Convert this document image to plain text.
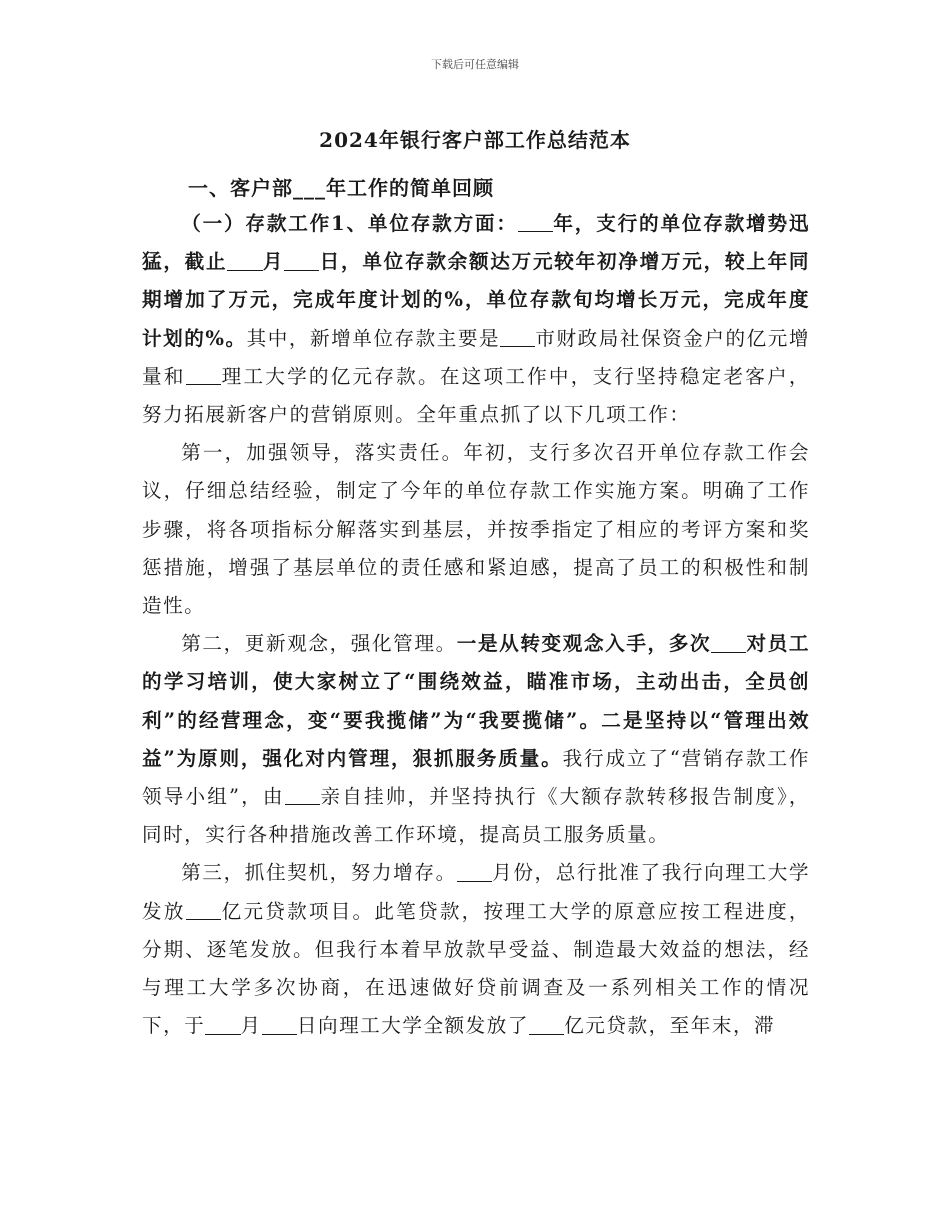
下载后可任意编辑
2024年银行客户部工作总结范本
一、客户部___年工作的简单回顾

（一）存款工作1、单位存款方面： 年，支行的单位存款增势迅猛，截止 月 日，单位存款余额达万元较年初净增万元，较上年同期增加了万元，完成年度计划的%，单位存款旬均增长万元，完成年度计划的%。其中，新增单位存款主要是 市财政局社保资金户的亿元增量和 理工大学的亿元存款。在这项工作中，支行坚持稳定老客户，努力拓展新客户的营销原则。全年重点抓了以下几项工作：

第一，加强领导，落实责任。年初，支行多次召开单位存款工作会议，仔细总结经验，制定了今年的单位存款工作实施方案。明确了工作步骤，将各项指标分解落实到基层，并按季指定了相应的考评方案和奖惩措施，增强了基层单位的责任感和紧迫感，提高了员工的积极性和制造性。

第二，更新观念，强化管理。一是从转变观念入手，多次 对员工的学习培训，使大家树立了“围绕效益，瞄准市场，主动出击，全员创利”的经营理念，变“要我揽储”为“我要揽储”。二是坚持以“管理出效益”为原则，强化对内管理，狠抓服务质量。我行成立了“营销存款工作领导小组”，由 亲自挂帅，并坚持执行《大额存款转移报告制度》，同时，实行各种措施改善工作环境，提高员工服务质量。

第三，抓住契机，努力增存。 月份，总行批准了我行向理工大学发放 亿元贷款项目。此笔贷款，按理工大学的原意应按工程进度，分期、逐笔发放。但我行本着早放款早受益、制造最大效益的想法，经与理工大学多次协商，在迅速做好贷前调查及一系列相关工作的情况下，于 月 日向理工大学全额发放了 亿元贷款，至年末，滞
